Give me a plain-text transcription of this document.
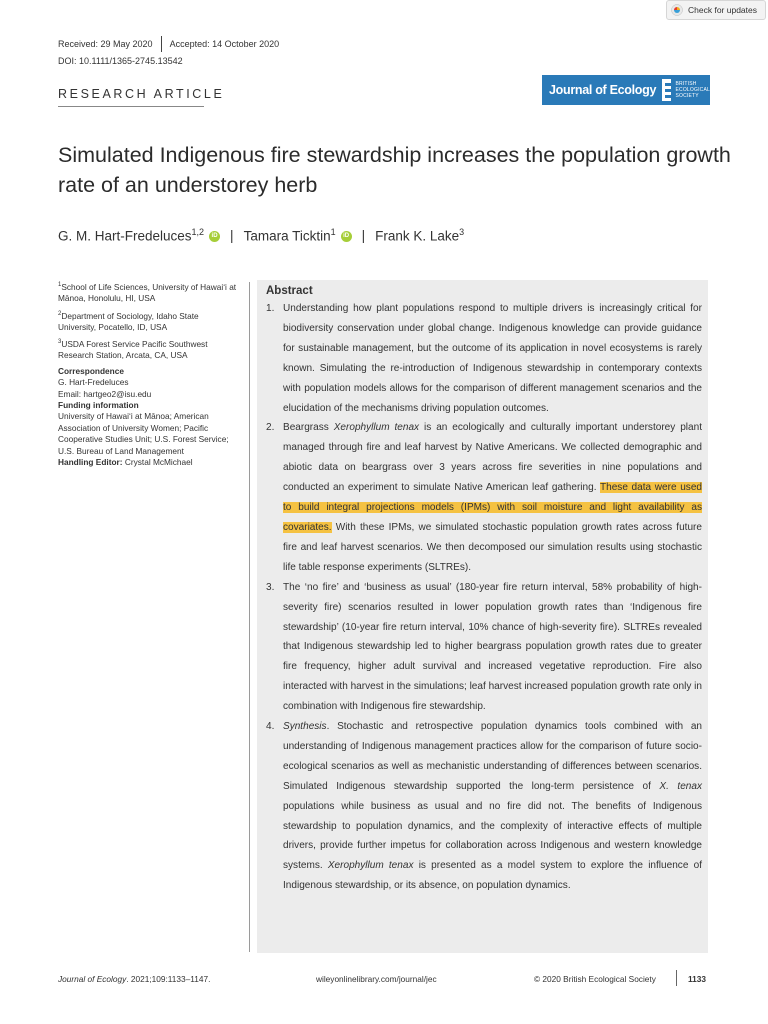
Check for updates
Received: 29 May 2020 Accepted: 14 October 2020
DOI: 10.1111/1365-2745.13542
RESEARCH ARTICLE	Journal of Ecology	BRITISH
ECOLOGICAL
SOCIETY
Simulated Indigenous fire stewardship increases the population growth rate of an understorey herb
G. M. Hart-Fredeluces$^{1,2}$ iD | Tamara Ticktin$^1$ iD | Frank K. Lake$^3$

$^1$School of Life Sciences, University of Hawaiʻi at Mānoa, Honolulu, HI, USA

$^2$Department of Sociology, Idaho State University, Pocatello, ID, USA

$^3$USDA Forest Service Pacific Southwest Research Station, Arcata, CA, USA

Correspondence

G. Hart-Fredeluces

Email: hartgeo2@isu.edu

Funding information

University of Hawaiʻi at Mānoa; American Association of University Women; Pacific Cooperative Studies Unit; U.S. Forest Service; U.S. Bureau of Land Management

Handling Editor: Crystal McMichael

Abstract

1. Understanding how plant populations respond to multiple drivers is increasingly critical for biodiversity conservation under global change. Indigenous knowledge can provide guidance for sustainable management, but the outcome of its application in novel ecosystems is rarely known. Simulating the re-introduction of Indigenous stewardship in contemporary contexts with population models allows for the comparison of different management scenarios and the elucidation of the mechanisms driving population outcomes.
2. Beargrass Xerophyllum tenax is an ecologically and culturally important understorey plant managed through fire and leaf harvest by Native Americans. We collected demographic and abiotic data on beargrass over 3 years across fire severities in nine populations and conducted an experiment to simulate Native American leaf gathering. These data were used to build integral projections models (IPMs) with soil moisture and light availability as covariates. With these IPMs, we simulated stochastic population growth rates across future fire and leaf harvest scenarios. We then decomposed our simulation results using stochastic life table response experiments (SLTREs).
3. The ‘no fire’ and ‘business as usual’ (180-year fire return interval, 58% probability of high-severity fire) scenarios resulted in lower population growth rates than ‘Indigenous fire stewardship’ (10-year fire return interval, 10% chance of high-severity fire). SLTREs revealed that Indigenous stewardship led to higher beargrass population growth rates due to greater fire frequency, higher adult survival and increased vegetative reproduction. Fire also interacted with harvest in the simulations; leaf harvest increased population growth rate only in combination with Indigenous fire stewardship.
4. Synthesis. Stochastic and retrospective population dynamics tools combined with an understanding of Indigenous management practices allow for the comparison of future socio-ecological scenarios as well as mechanistic understanding of differences between scenarios. Simulated Indigenous stewardship supported the long-term persistence of X. tenax populations while business as usual and no fire did not. The benefits of Indigenous stewardship to population dynamics, and the complexity of interactive effects of multiple drivers, provide further impetus for collaboration across Indigenous and western knowledge systems. Xerophyllum tenax is presented as a model system to explore the influence of Indigenous stewardship, or its absence, on population dynamics.
Journal of Ecology. 2021;109:1133–1147.	wileyonlinelibrary.com/journal/jec	© 2020 British Ecological Society	1133
